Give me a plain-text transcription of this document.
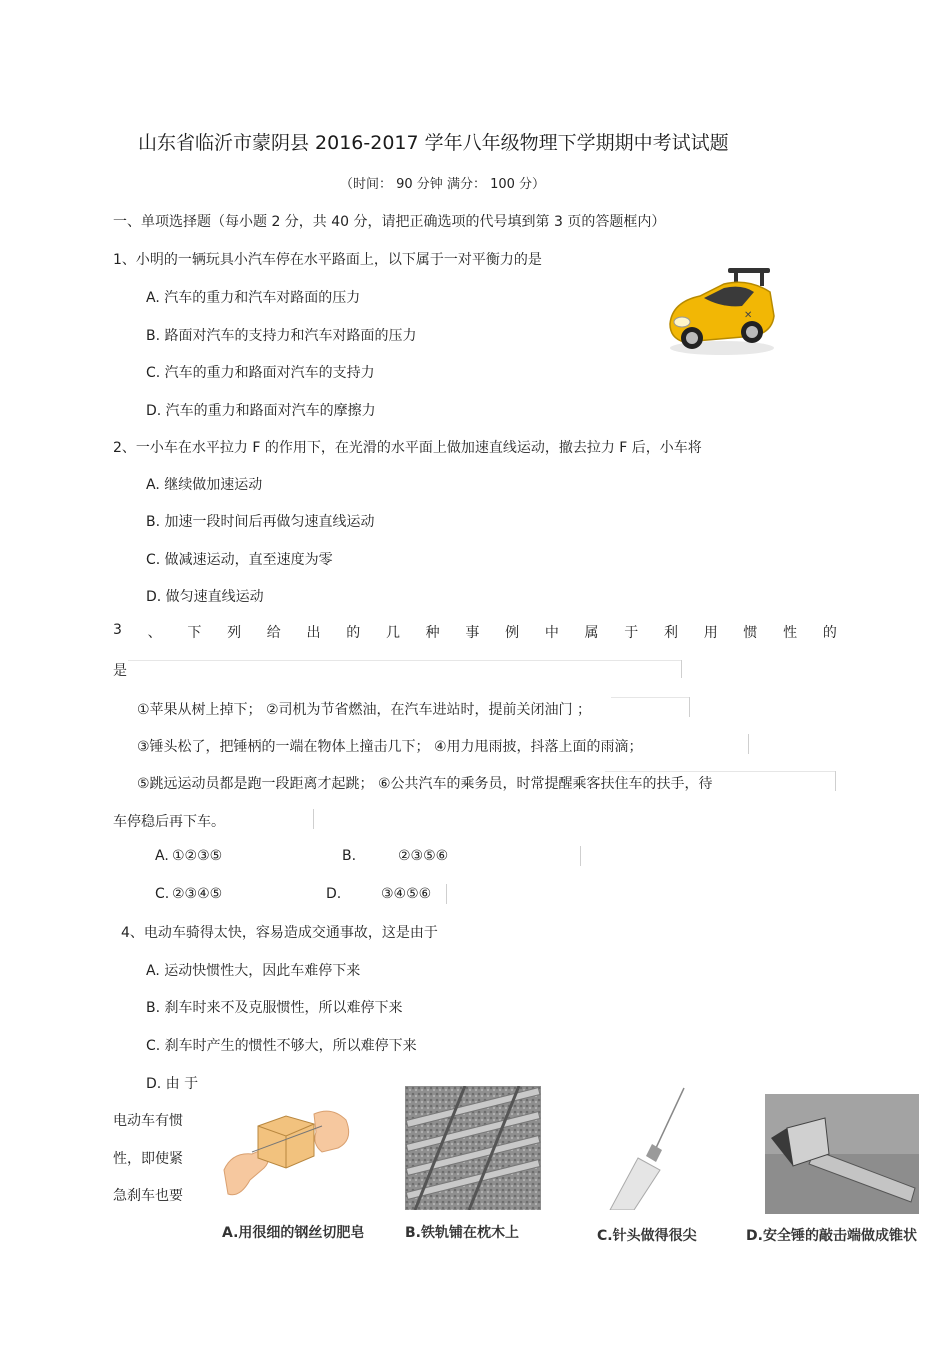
山东省临沂市蒙阴县 2016-2017 学年八年级物理下学期期中考试试题
（时间： 90 分钟 满分： 100 分）
一、单项选择题（每小题 2 分，共 40 分，请把正确选项的代号填到第 3 页的答题框内）
1、小明的一辆玩具小汽车停在水平路面上，以下属于一对平衡力的是
A. 汽车的重力和汽车对路面的压力
B. 路面对汽车的支持力和汽车对路面的压力
C. 汽车的重力和路面对汽车的支持力
D. 汽车的重力和路面对汽车的摩擦力
✕
2、一小车在水平拉力 F 的作用下，在光滑的水平面上做加速直线运动，撤去拉力 F 后，小车将
A. 继续做加速运动
B. 加速一段时间后再做匀速直线运动
C. 做减速运动，直至速度为零
D. 做匀速直线运动
3 、 下 列 给 出 的 几 种 事 例 中 属 于 利 用 惯 性 的
是
①苹果从树上掉下； ②司机为节省燃油，在汽车进站时，提前关闭油门 ；
③锤头松了，把锤柄的一端在物体上撞击几下； ④用力甩雨披，抖落上面的雨滴；
⑤跳远运动员都是跑一段距离才起跳； ⑥公共汽车的乘务员，时常提醒乘客扶住车的扶手，待
车停稳后再下车。
A. ①②③⑤	B.	②③⑤⑥
C. ②③④⑤	D.	③④⑤⑥
4、电动车骑得太快，容易造成交通事故，这是由于
A. 运动快惯性大，因此车难停下来
B. 刹车时来不及克服惯性，所以难停下来
C. 刹车时产生的惯性不够大，所以难停下来
D. 由 于
电动车有惯
性，即使紧
急刹车也要
A.用很细的钢丝切肥皂	B.铁轨铺在枕木上	C.针头做得很尖	D.安全锤的敲击端做成锥状
